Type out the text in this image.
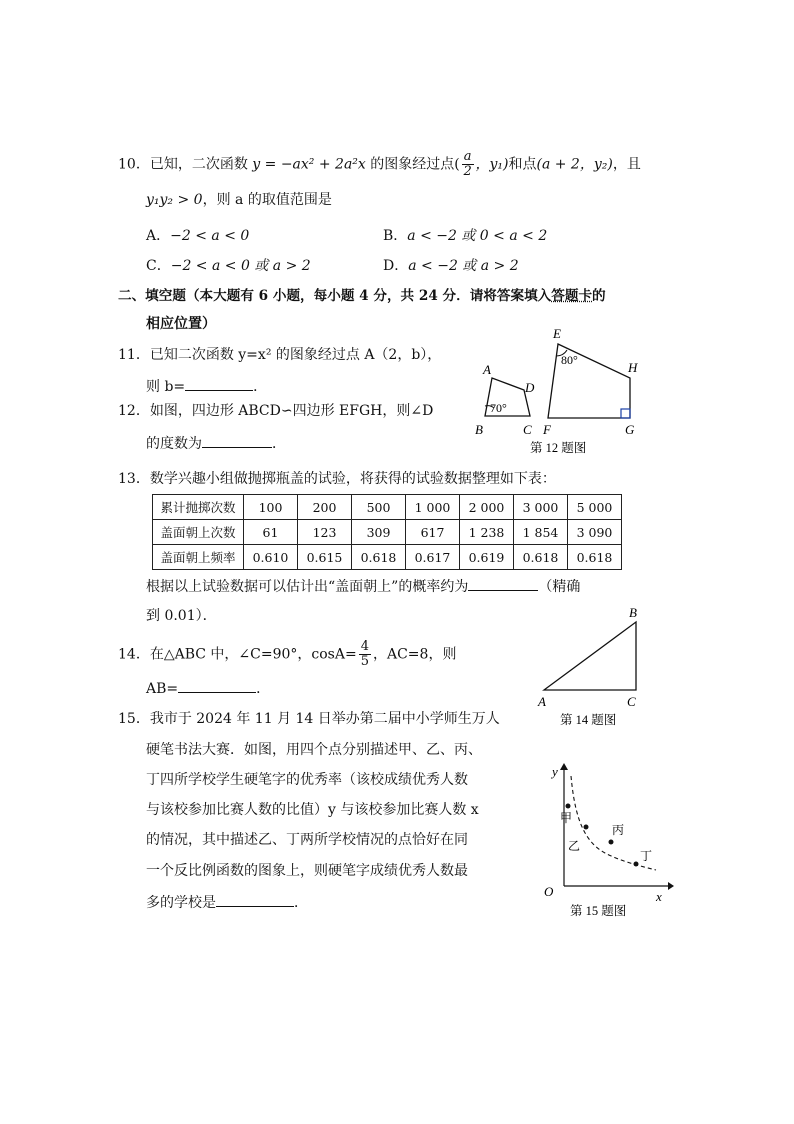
10．已知，二次函数 y = −ax² + 2a²x 的图象经过点( $\frac{a}{2}$ ，y₁)和点(a + 2，y₂)，且
y₁y₂ > 0，则 a 的取值范围是
A．−2 < a < 0	B．a < −2 或 0 < a < 2
C．−2 < a < 0 或 a > 2	D．a < −2 或 a > 2
二、填空题（本大题有 6 小题，每小题 4 分，共 24 分．请将答案填入答题卡的
相应位置）
11．已知二次函数 y=x² 的图象经过点 A（2，b），
则 b=	．
12．如图，四边形 ABCD∽四边形 EFGH，则∠D
的度数为	．
70°
A
B	C
D
80°
E
F	G
H
第 12 题图
13．数学兴趣小组做抛掷瓶盖的试验，将获得的试验数据整理如下表：
累计抛掷次数	100	200	500	1 000	2 000	3 000	5 000
盖面朝上次数	61	123	309	617	1 238	1 854	3 090
盖面朝上频率	0.610	0.615	0.618	0.617	0.619	0.618	0.618
根据以上试验数据可以估计出“盖面朝上”的概率约为	（精确
到 0.01）．
14．在△ABC 中，∠C=90°，$\cos A= \frac{4}{5}$ ，AC=8，则
AB=	．
A
B
C
第 14 题图
15．我市于 2024 年 11 月 14 日举办第二届中小学师生万人
硬笔书法大赛．如图，用四个点分别描述甲、乙、丙、
丁四所学校学生硬笔字的优秀率（该校成绩优秀人数
与该校参加比赛人数的比值）y 与该校参加比赛人数 x
的情况，其中描述乙、丁两所学校情况的点恰好在同
一个反比例函数的图象上，则硬笔字成绩优秀人数最
多的学校是	．
y
x
O
甲
乙
丙
丁
第 15 题图
